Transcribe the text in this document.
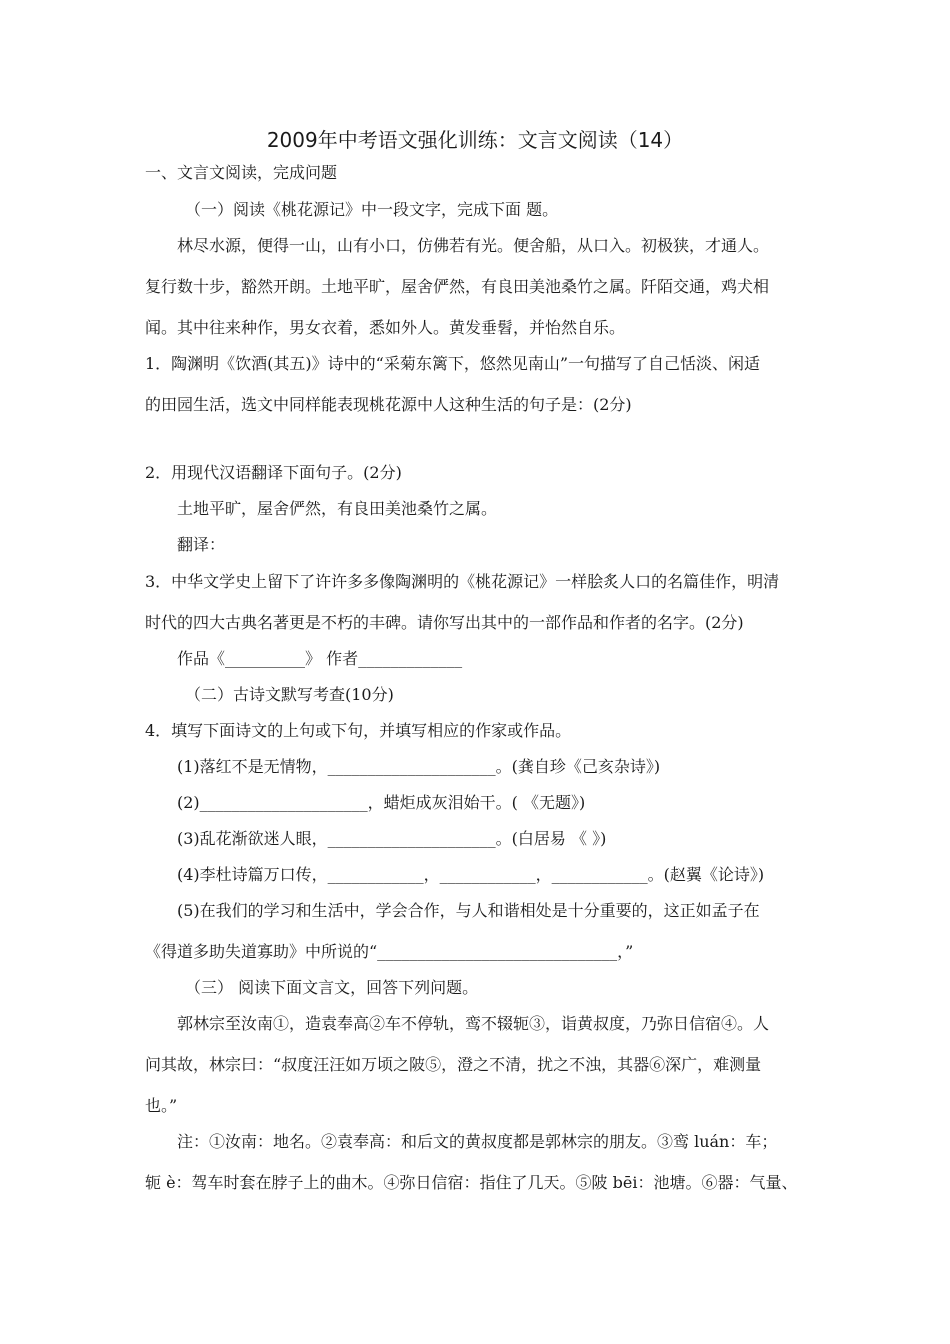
2009年中考语文强化训练：文言文阅读（14）
一、文言文阅读，完成问题
（一）阅读《桃花源记》中一段文字，完成下面 题。
林尽水源，便得一山，山有小口，仿佛若有光。便舍船，从口入。初极狭，才通人。
复行数十步，豁然开朗。土地平旷，屋舍俨然，有良田美池桑竹之属。阡陌交通，鸡犬相
闻。其中往来种作，男女衣着，悉如外人。黄发垂髫，并怡然自乐。
1．陶渊明《饮酒(其五)》诗中的“采菊东篱下，悠然见南山”一句描写了自己恬淡、闲适
的田园生活，选文中同样能表现桃花源中人这种生活的句子是：(2分)
2．用现代汉语翻译下面句子。(2分)
土地平旷，屋舍俨然，有良田美池桑竹之属。
翻译：
3．中华文学史上留下了许许多多像陶渊明的《桃花源记》一样脍炙人口的名篇佳作，明清
时代的四大古典名著更是不朽的丰碑。请你写出其中的一部作品和作者的名字。(2分)
作品《__________》 作者_____________
（二）古诗文默写考查(10分)
4．填写下面诗文的上句或下句，并填写相应的作家或作品。
(1)落红不是无情物，_____________________。(龚自珍《己亥杂诗》)
(2)_____________________，蜡炬成灰泪始干。( 《无题》)
(3)乱花渐欲迷人眼，_____________________。(白居易 《 》)
(4)李杜诗篇万口传，____________，____________，____________。(赵翼《论诗》)
(5)在我们的学习和生活中，学会合作，与人和谐相处是十分重要的，这正如孟子在
《得道多助失道寡助》中所说的“______________________________，”
（三） 阅读下面文言文，回答下列问题。
郭林宗至汝南①，造袁奉高②车不停轨，鸾不辍轭③，诣黄叔度，乃弥日信宿④。人
问其故，林宗曰：“叔度汪汪如万顷之陂⑤，澄之不清，扰之不浊，其器⑥深广，难测量
也。”
注：①汝南：地名。②袁奉高：和后文的黄叔度都是郭林宗的朋友。③鸾 luán：车；
轭 è：驾车时套在脖子上的曲木。④弥日信宿：指住了几天。⑤陂 bēi：池塘。⑥器：气量、
